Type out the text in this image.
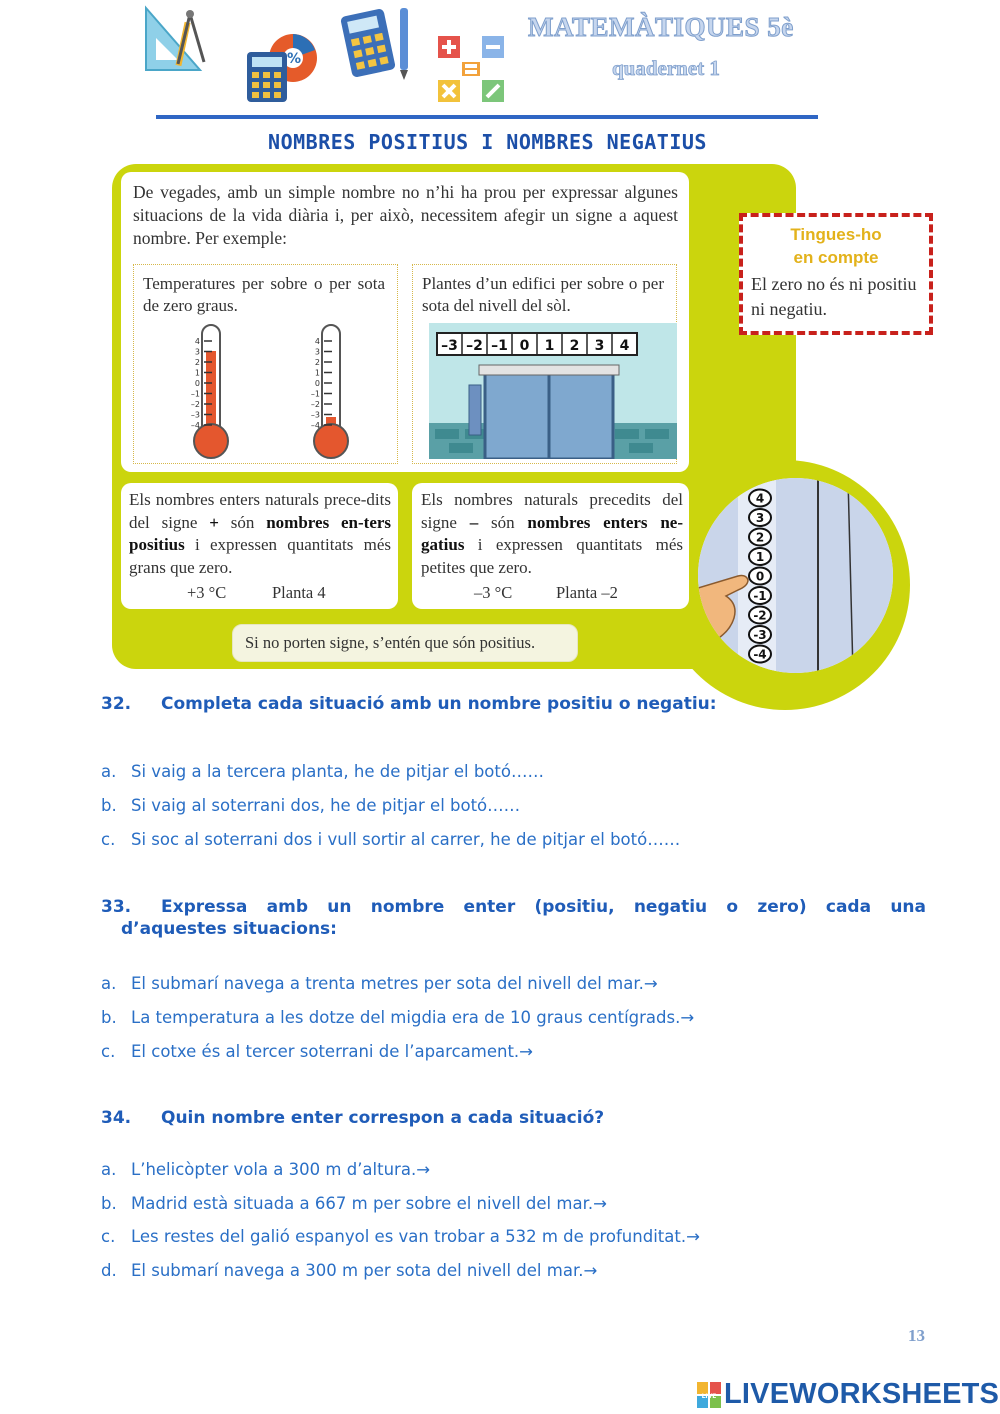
%
MATEMÀTIQUES 5è
quadernet 1
NOMBRES POSITIUS I NOMBRES NEGATIUS
De vegades, amb un simple nombre no n’hi ha prou per expressar algunes situacions de la vida diària i, per això, necessitem afegir un signe a aquest nombre. Per exemple:
Temperatures per sobre o per sota de zero graus.
4
3
2
1
0
–1
–2
–3
–4
4
3
2
1
0
–1
–2
–3
–4
Plantes d’un edifici per sobre o per sota del nivell del sòl.
–3 –2 –1 0 1 2 3 4
Els nombres enters naturals prece-dits del signe + són nombres en-ters positius i expressen quantitats més grans que zero.
+3 °C	Planta 4
Els nombres naturals precedits del signe – són nombres enters ne-gatius i expressen quantitats més petites que zero.
–3 °C	Planta –2
Si no porten signe, s’entén que són positius.
4
3
2
1
0
-1
-2
-3
-4
Tingues-ho
en compte
El zero no és ni positiu ni negatiu.
32. Completa cada situació amb un nombre positiu o negatiu:
a. Si vaig a la tercera planta, he de pitjar el botó……
b. Si vaig al soterrani dos, he de pitjar el botó……
c. Si soc al soterrani dos i vull sortir al carrer, he de pitjar el botó……
33.	Expressa amb un nombre enter (positiu, negatiu o zero) cada una
d’aquestes situacions:
a. El submarí navega a trenta metres per sota del nivell del mar.→
b. La temperatura a les dotze del migdia era de 10 graus centígrads.→
c. El cotxe és al tercer soterrani de l’aparcament.→
34. Quin nombre enter correspon a cada situació?
a. L’helicòpter vola a 300 m d’altura.→
b. Madrid està situada a 667 m per sobre el nivell del mar.→
c. Les restes del galió espanyol es van trobar a 532 m de profunditat.→
d. El submarí navega a 300 m per sota del nivell del mar.→
13
LIVE LIVEWORKSHEETS
